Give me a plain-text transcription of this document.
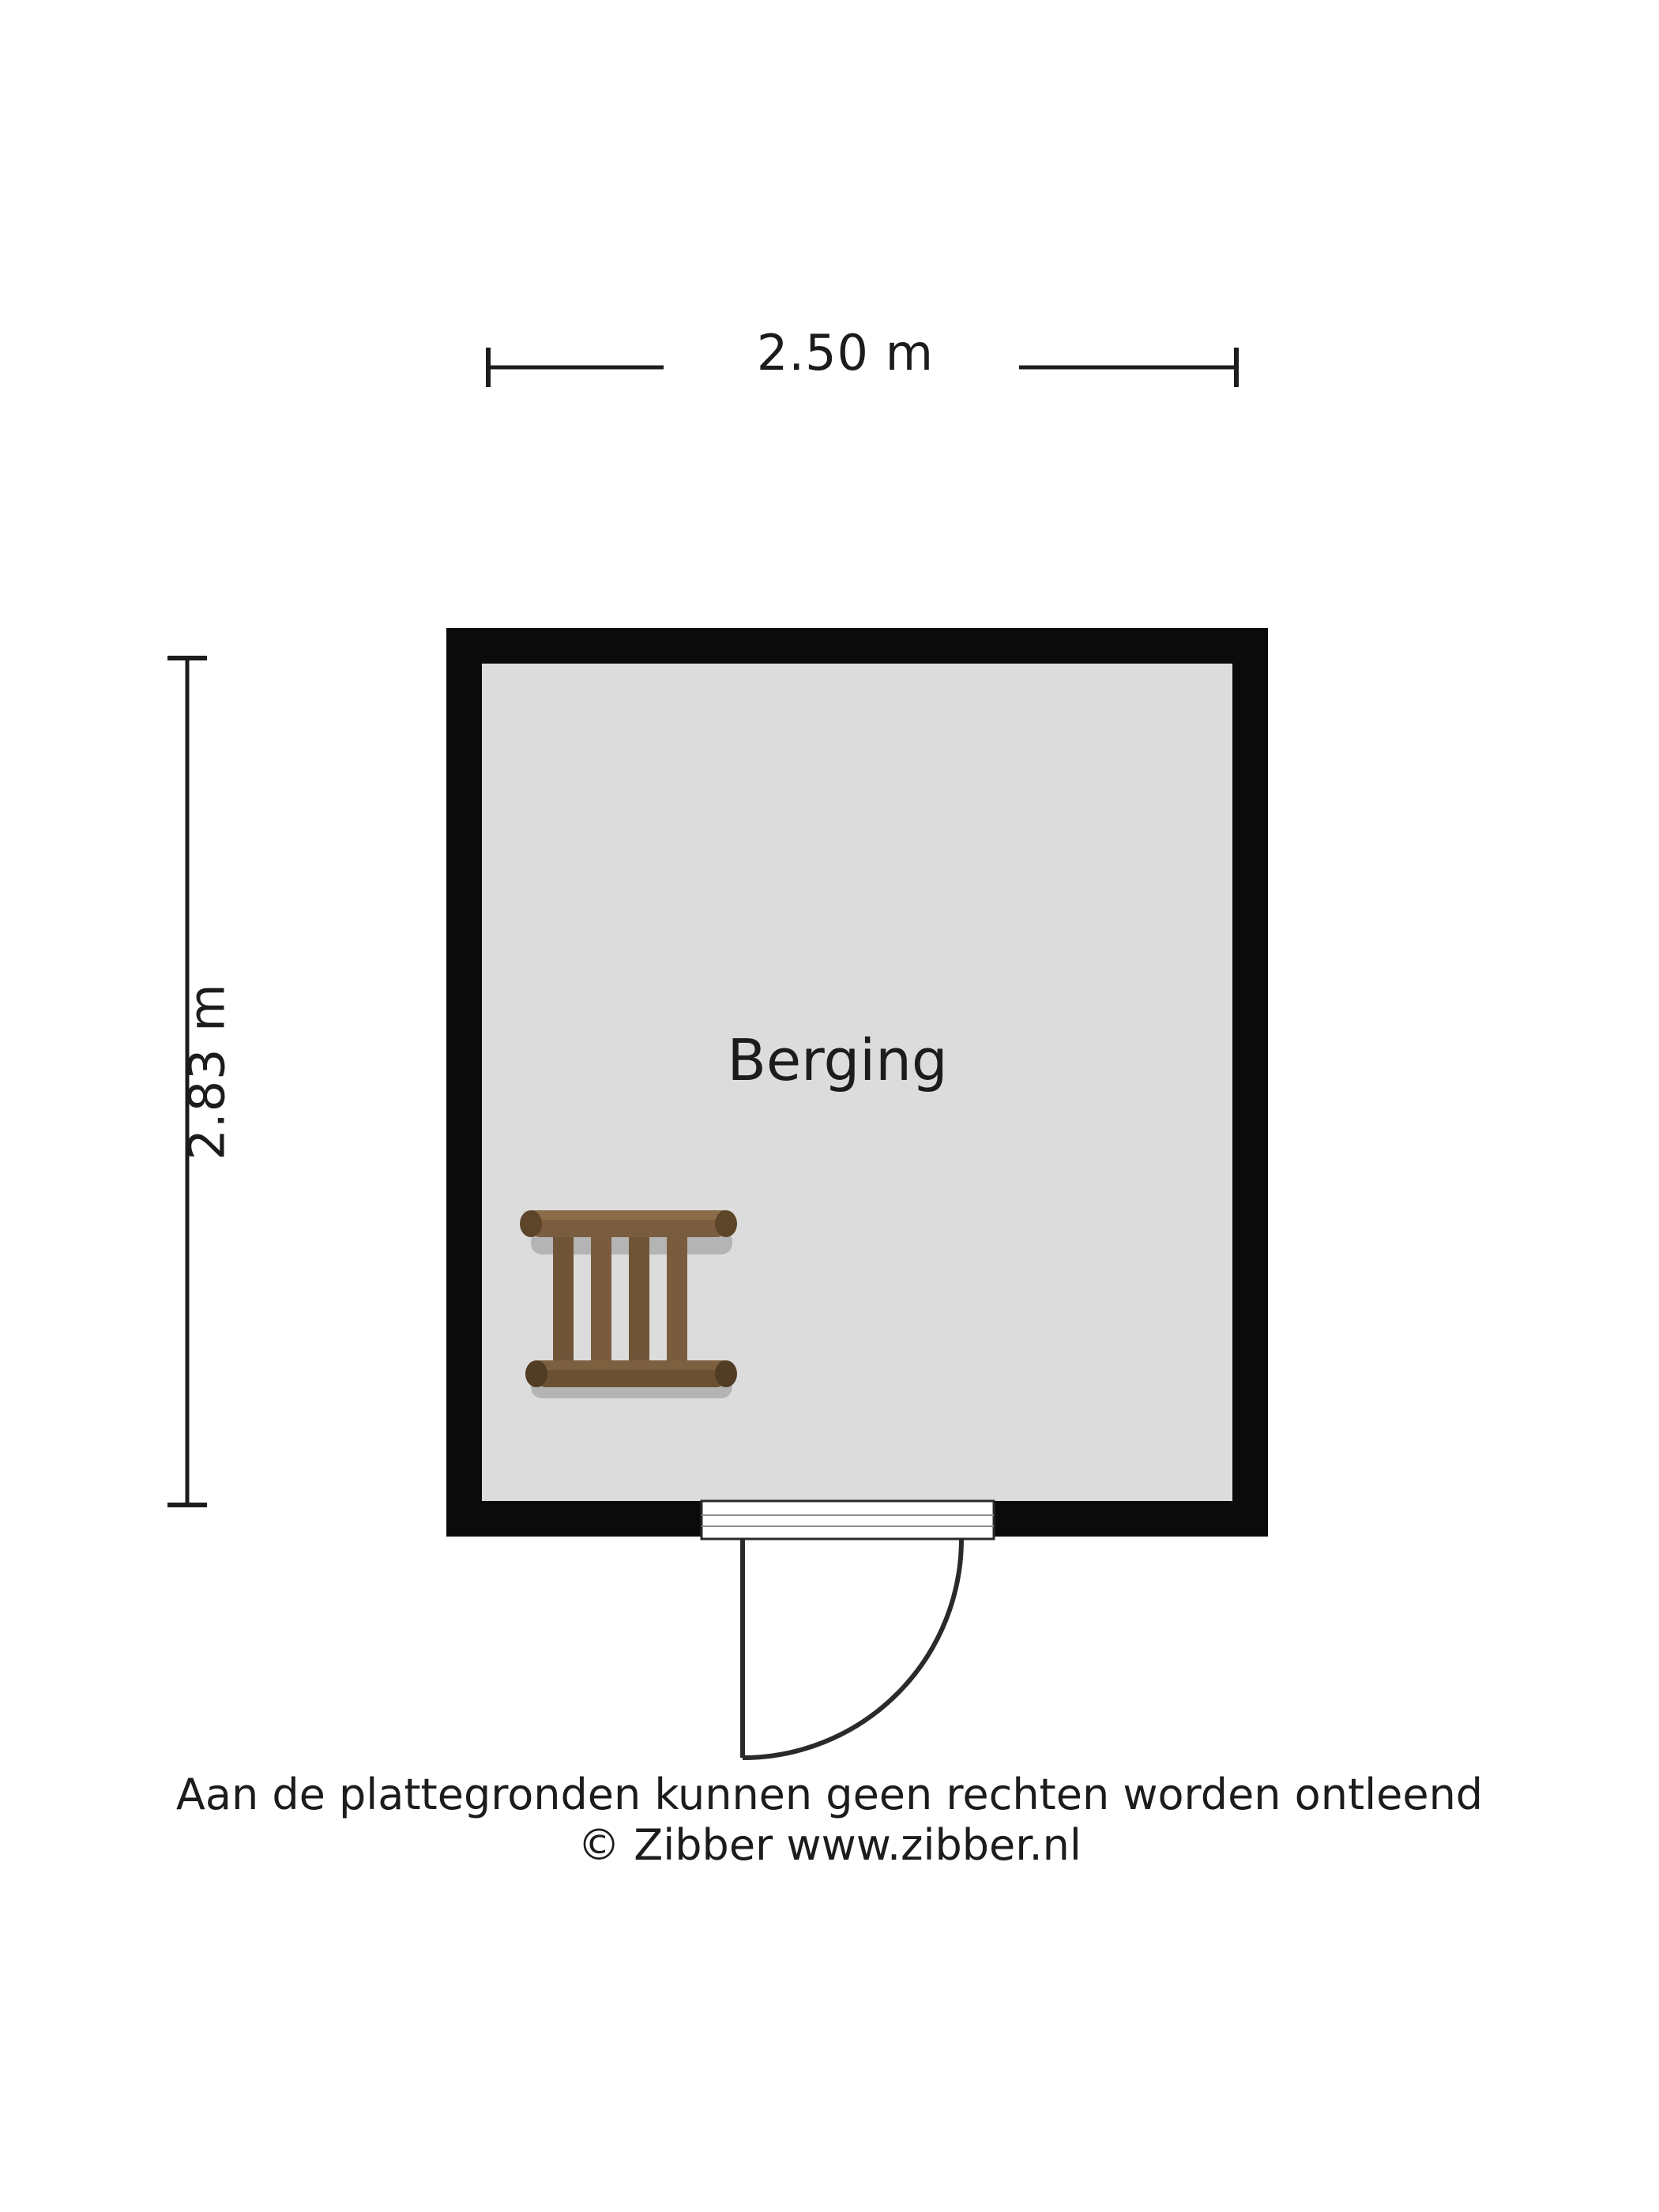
2.50 m
2.83 m	Berging
Aan de plattegronden kunnen geen rechten worden ontleend
© Zibber www.zibber.nl
